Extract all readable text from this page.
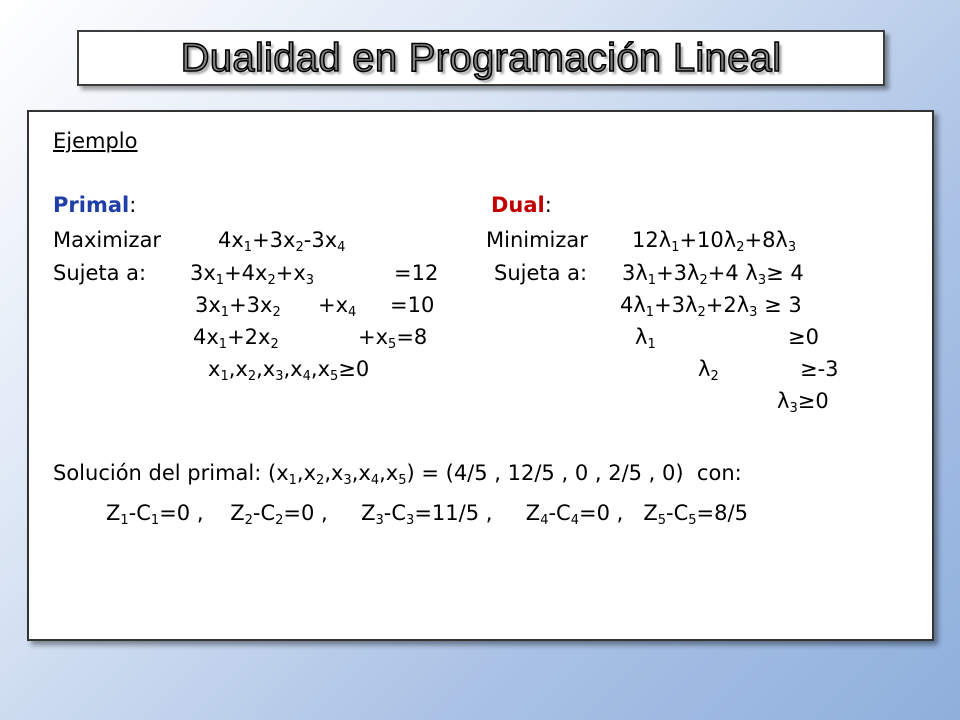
Dualidad en Programación Lineal
Ejemplo
Primal:	Dual:
Maximizar	$4x_1+3x_2-3x_4$	Minimizar $12\lambda_1+10\lambda_2+8\lambda_3$
Sujeta a: $3x_1+4x_2+x_3$	=12
$3x_1+3x_2 +x_4 =10$
$4x_1+2x_2$	$+x_5=8$
$x_1,x_2,x_3,x_4,x_5\ge 0$
Sujeta a: $3\lambda_1+3\lambda_2+4$ $\lambda_3\ge 4$
$4\lambda_1+3\lambda_2+2\lambda_3 \ge 3$
$\lambda_1$	≥0
$\lambda_2$	≥-3
$\lambda_3\ge 0$
Solución del primal: $(x_1,x_2,x_3,x_4,x_5) = (4/5$ , 12/5 , 0 , 2/5 , 0)  con:
$Z_1-C_1=0$ ,    $Z_2-C_2=0$ ,     $Z_3-C_3=11/5$ ,     $Z_4-C_4=0$ ,   $Z_5-C_5=8/5$
